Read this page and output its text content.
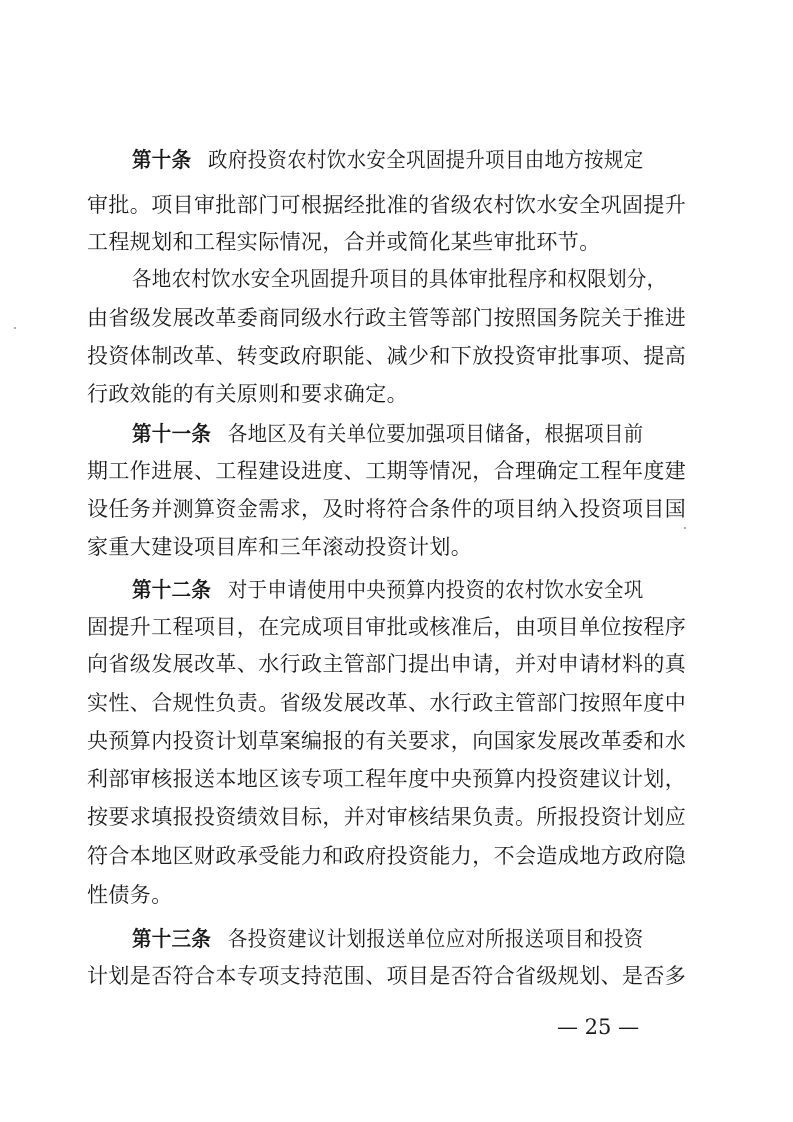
第十条 政府投资农村饮水安全巩固提升项目由地方按规定
审批。项目审批部门可根据经批准的省级农村饮水安全巩固提升
工程规划和工程实际情况，合并或简化某些审批环节。
各地农村饮水安全巩固提升项目的具体审批程序和权限划分，
由省级发展改革委商同级水行政主管等部门按照国务院关于推进
投资体制改革、转变政府职能、减少和下放投资审批事项、提高
行政效能的有关原则和要求确定。
第十一条 各地区及有关单位要加强项目储备，根据项目前
期工作进展、工程建设进度、工期等情况，合理确定工程年度建
设任务并测算资金需求，及时将符合条件的项目纳入投资项目国
家重大建设项目库和三年滚动投资计划。
第十二条 对于申请使用中央预算内投资的农村饮水安全巩
固提升工程项目，在完成项目审批或核准后，由项目单位按程序
向省级发展改革、水行政主管部门提出申请，并对申请材料的真
实性、合规性负责。省级发展改革、水行政主管部门按照年度中
央预算内投资计划草案编报的有关要求，向国家发展改革委和水
利部审核报送本地区该专项工程年度中央预算内投资建议计划，
按要求填报投资绩效目标，并对审核结果负责。所报投资计划应
符合本地区财政承受能力和政府投资能力，不会造成地方政府隐
性债务。
第十三条 各投资建议计划报送单位应对所报送项目和投资
计划是否符合本专项支持范围、项目是否符合省级规划、是否多
— 25 —
